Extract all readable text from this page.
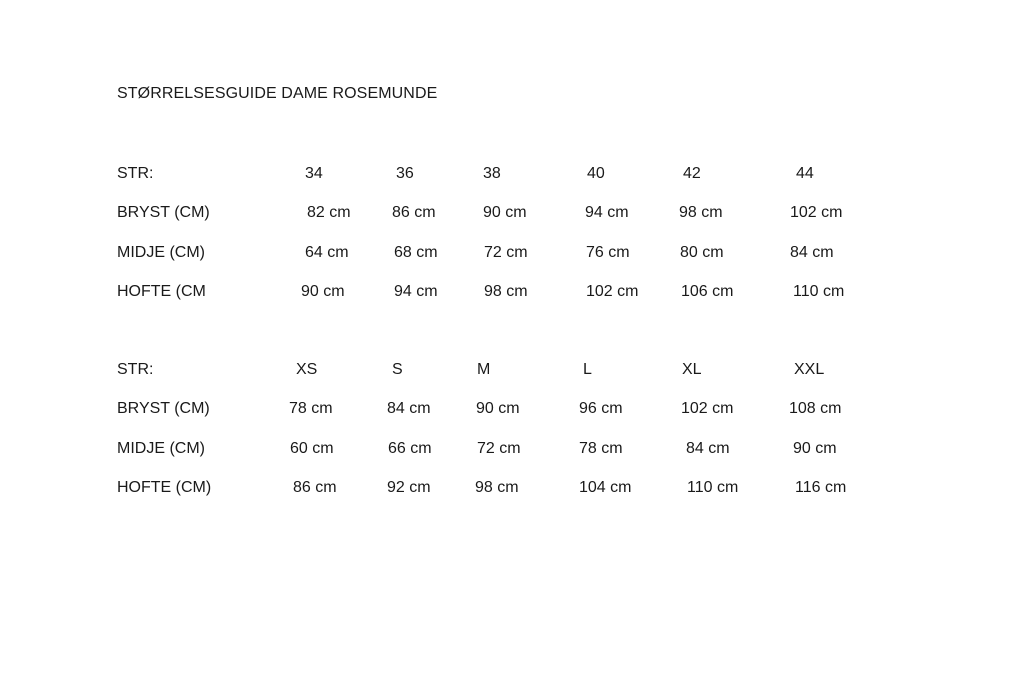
STØRRELSESGUIDE DAME ROSEMUNDE
STR:	34	36	38	40	42	44
BRYST (CM)	82 cm	86 cm	90 cm	94 cm	98 cm	102 cm
MIDJE (CM)	64 cm	68 cm	72 cm	76 cm	80 cm	84 cm
HOFTE (CM	90 cm	94 cm	98 cm	102 cm	106 cm	110 cm
STR:	XS	S	M	L	XL	XXL
BRYST (CM)	78 cm	84 cm	90 cm	96 cm	102 cm	108 cm
MIDJE (CM)	60 cm	66 cm	72 cm	78 cm	84 cm	90 cm
HOFTE (CM)	86 cm	92 cm	98 cm	104 cm	110 cm	116 cm
